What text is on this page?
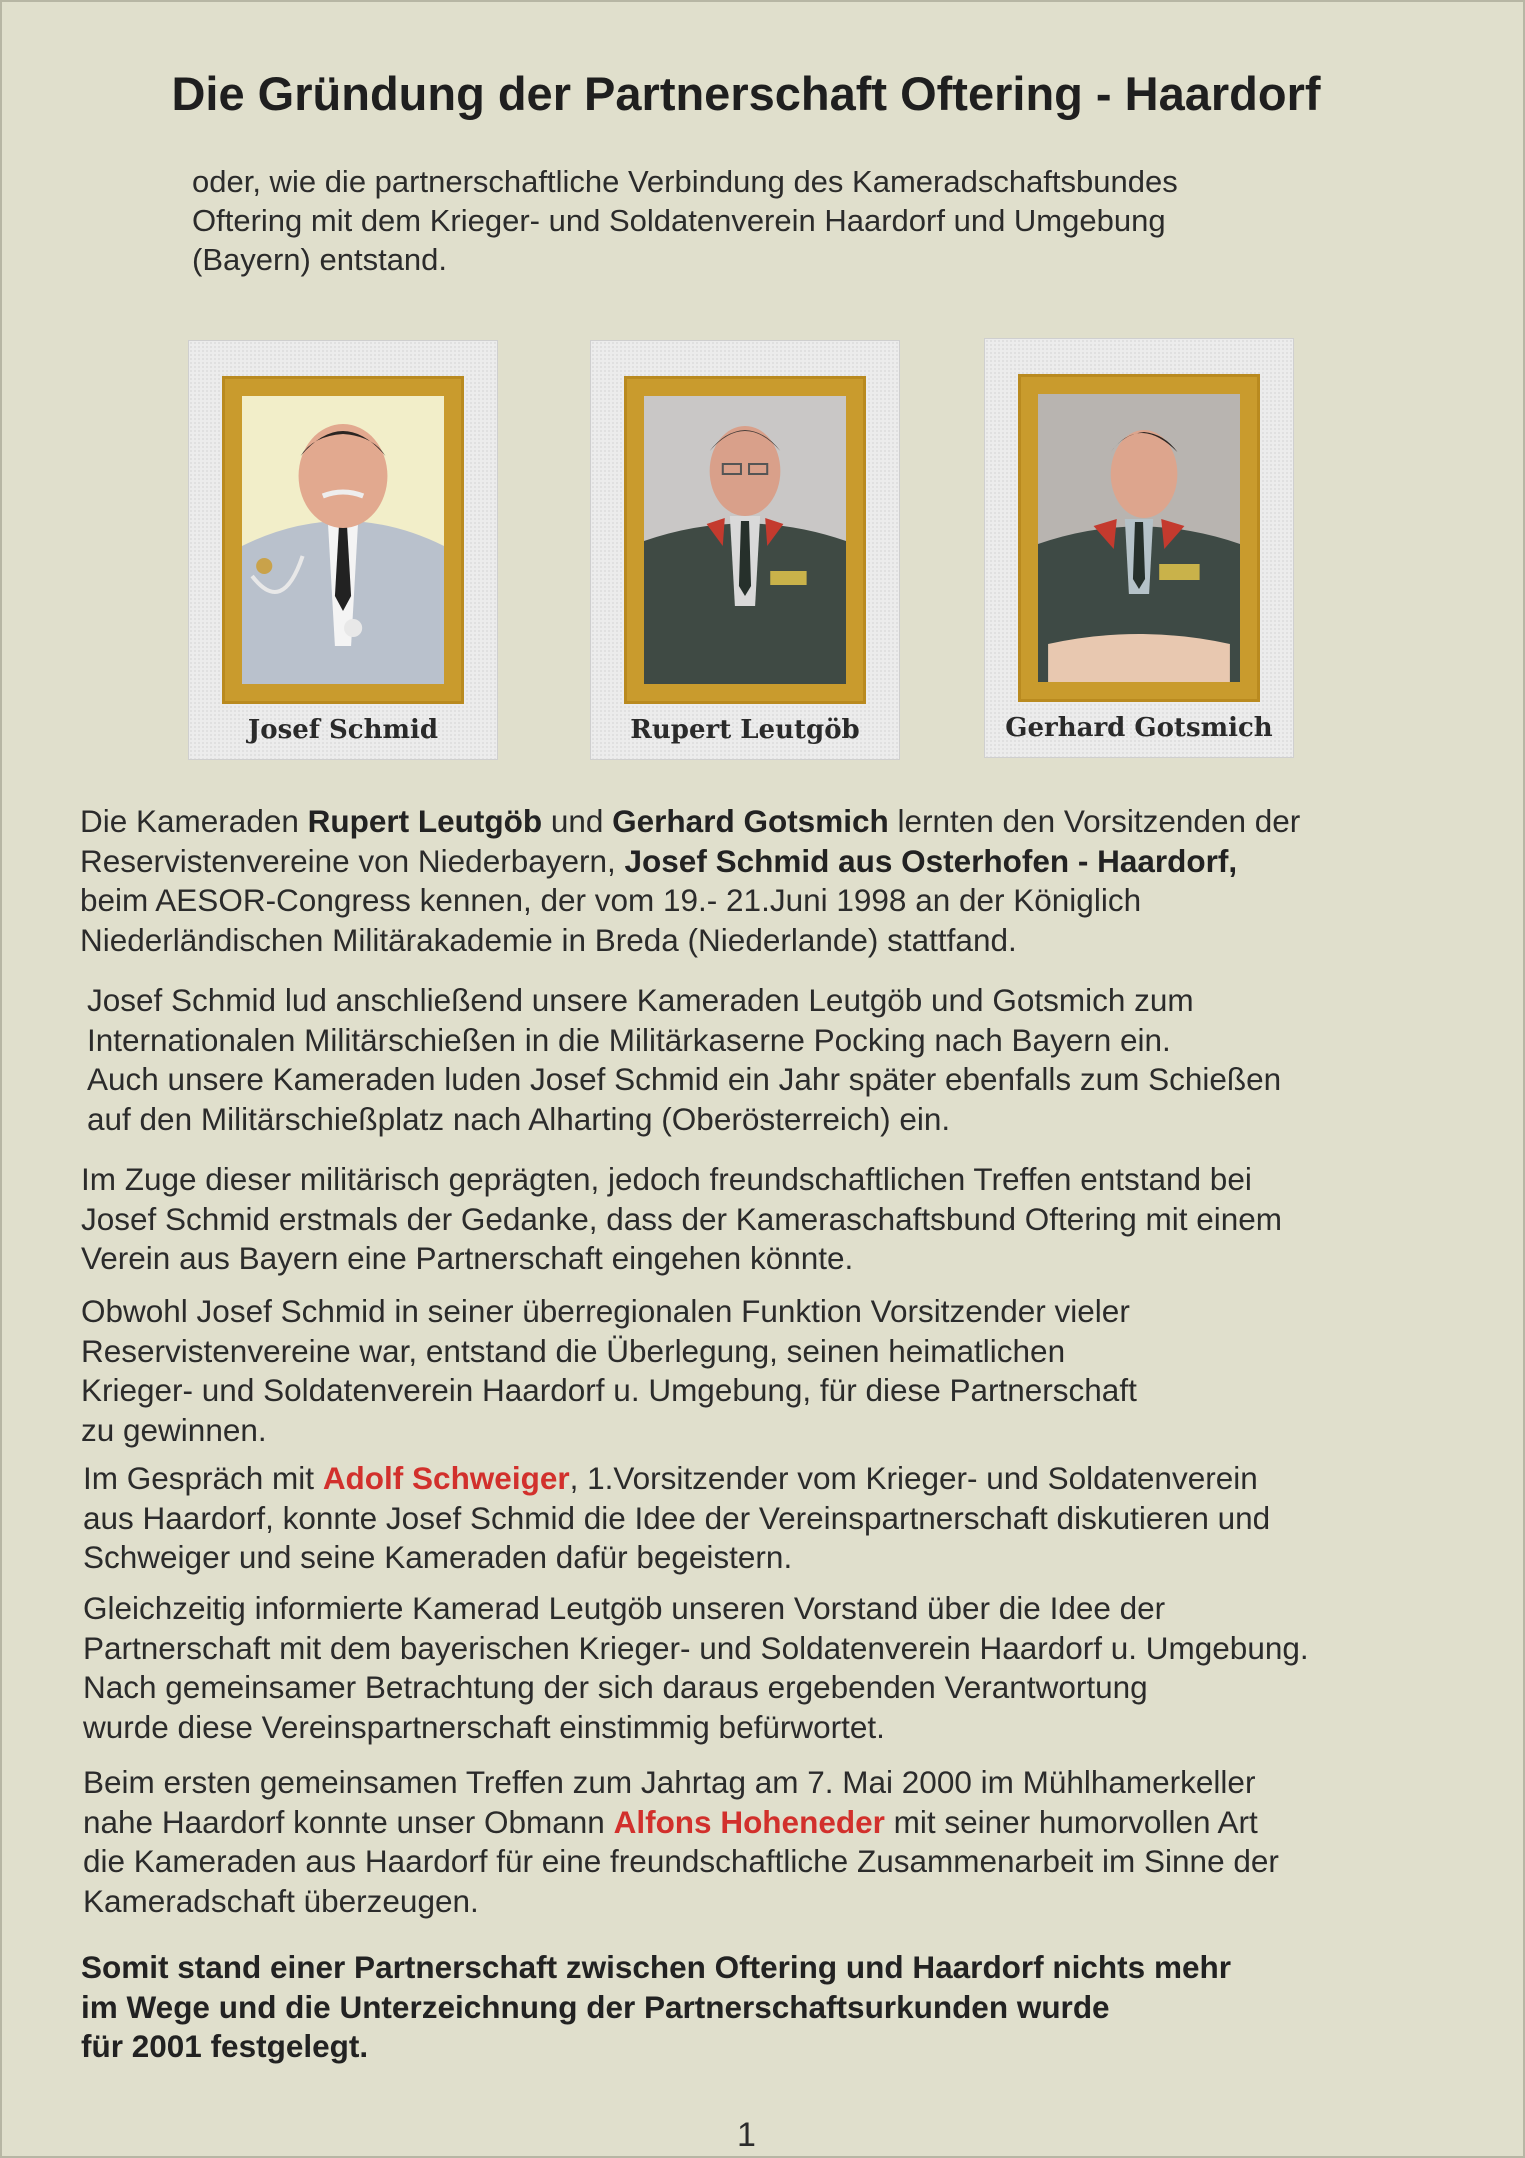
Die Gründung der Partnerschaft Oftering - Haardorf

oder, wie die partnerschaftliche Verbindung des Kameradschaftsbundes
Oftering mit dem Krieger- und Soldatenverein Haardorf und Umgebung
(Bayern) entstand.

Josef Schmid	Rupert Leutgöb	Gerhard Gotsmich
Die Kameraden Rupert Leutgöb und Gerhard Gotsmich lernten den Vorsitzenden der
Reservistenvereine von Niederbayern, Josef Schmid aus Osterhofen - Haardorf,
beim AESOR-Congress kennen, der vom 19.- 21.Juni 1998 an der Königlich
Niederländischen Militärakademie in Breda (Niederlande) stattfand.
Josef Schmid lud anschließend unsere Kameraden Leutgöb und Gotsmich zum
Internationalen Militärschießen in die Militärkaserne Pocking nach Bayern ein.
Auch unsere Kameraden luden Josef Schmid ein Jahr später ebenfalls zum Schießen
auf den Militärschießplatz nach Alharting (Oberösterreich) ein.
Im Zuge dieser militärisch geprägten, jedoch freundschaftlichen Treffen entstand bei
Josef Schmid erstmals der Gedanke, dass der Kameraschaftsbund Oftering mit einem
Verein aus Bayern eine Partnerschaft eingehen könnte.
Obwohl Josef Schmid in seiner überregionalen Funktion Vorsitzender vieler
Reservistenvereine war, entstand die Überlegung, seinen heimatlichen
Krieger- und Soldatenverein Haardorf u. Umgebung, für diese Partnerschaft
zu gewinnen.
Im Gespräch mit Adolf Schweiger, 1.Vorsitzender vom Krieger- und Soldatenverein
aus Haardorf, konnte Josef Schmid die Idee der Vereinspartnerschaft diskutieren und
Schweiger und seine Kameraden dafür begeistern.
Gleichzeitig informierte Kamerad Leutgöb unseren Vorstand über die Idee der
Partnerschaft mit dem bayerischen Krieger- und Soldatenverein Haardorf u. Umgebung.
Nach gemeinsamer Betrachtung der sich daraus ergebenden Verantwortung
wurde diese Vereinspartnerschaft einstimmig befürwortet.
Beim ersten gemeinsamen Treffen zum Jahrtag am 7. Mai 2000 im Mühlhamerkeller
nahe Haardorf konnte unser Obmann Alfons Hoheneder mit seiner humorvollen Art
die Kameraden aus Haardorf für eine freundschaftliche Zusammenarbeit im Sinne der
Kameradschaft überzeugen.
Somit stand einer Partnerschaft zwischen Oftering und Haardorf nichts mehr
im Wege und die Unterzeichnung der Partnerschaftsurkunden wurde
für 2001 festgelegt.

1
